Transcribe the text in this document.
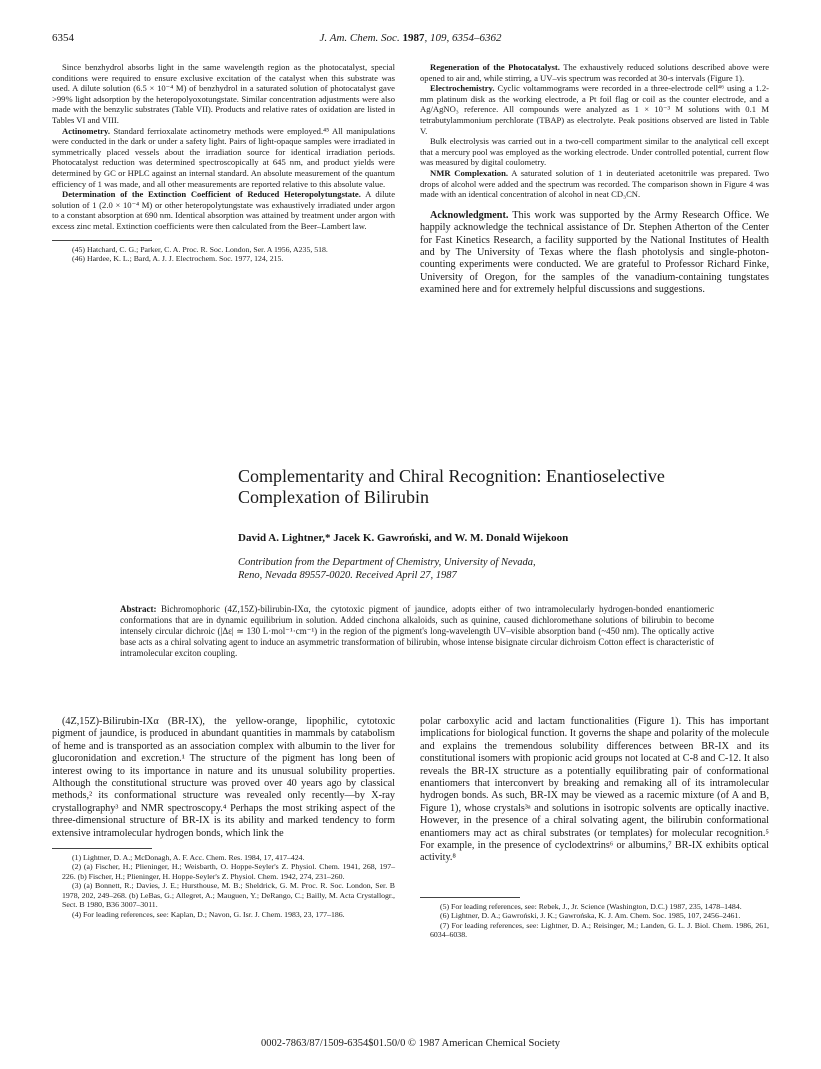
6354	J. Am. Chem. Soc. 1987, 109, 6354–6362

Since benzhydrol absorbs light in the same wavelength region as the photocatalyst, special conditions were required to ensure exclusive excitation of the catalyst when this substrate was used. A dilute solution (6.5 × 10⁻⁴ M) of benzhydrol in a saturated solution of photocatalyst gave >99% light adsorption by the heteropolyoxotungstate. Similar concentration adjustments were also made with the benzylic substrates (Table VII). Products and relative rates of oxidation are listed in Tables VI and VIII.

Actinometry. Standard ferrioxalate actinometry methods were employed.⁴⁵ All manipulations were conducted in the dark or under a safety light. Pairs of light-opaque samples were irradiated in symmetrically placed vessels about the irradiation source for identical irradiation periods. Photocatalyst reduction was determined spectroscopically at 645 nm, and product yields were determined by GC or HPLC against an internal standard. An absolute measurement of the quantum efficiency of 1 was made, and all other measurements are reported relative to this absolute value.

Determination of the Extinction Coefficient of Reduced Heteropolytungstate. A dilute solution of 1 (2.0 × 10⁻⁴ M) or other heteropolytungstate was exhaustively irradiated under argon to a constant absorption at 690 nm. Identical absorption was attained by treatment under argon with excess zinc metal. Extinction coefficients were then calculated from the Beer–Lambert law.

(45) Hatchard, C. G.; Parker, C. A. Proc. R. Soc. London, Ser. A 1956, A235, 518.

(46) Hardee, K. L.; Bard, A. J. J. Electrochem. Soc. 1977, 124, 215.

Regeneration of the Photocatalyst. The exhaustively reduced solutions described above were opened to air and, while stirring, a UV–vis spectrum was recorded at 30-s intervals (Figure 1).

Electrochemistry. Cyclic voltammograms were recorded in a three-electrode cell⁴⁶ using a 1.2-mm platinum disk as the working electrode, a Pt foil flag or coil as the counter electrode, and a Ag/AgNO₃ reference. All compounds were analyzed as 1 × 10⁻³ M solutions with 0.1 M tetrabutylammonium perchlorate (TBAP) as electrolyte. Peak positions observed are listed in Table V.

Bulk electrolysis was carried out in a two-cell compartment similar to the analytical cell except that a mercury pool was employed as the working electrode. Under controlled potential, current flow was measured by digital coulometry.

NMR Complexation. A saturated solution of 1 in deuteriated acetonitrile was prepared. Two drops of alcohol were added and the spectrum was recorded. The comparison shown in Figure 4 was made with an identical concentration of alcohol in neat CD₃CN.

Acknowledgment. This work was supported by the Army Research Office. We happily acknowledge the technical assistance of Dr. Stephen Atherton of the Center for Fast Kinetics Research, a facility supported by the National Institutes of Health and by The University of Texas where the flash photolysis and single-photon-counting experiments were conducted. We are grateful to Professor Richard Finke, University of Oregon, for the samples of the vanadium-containing tungstates examined here and for extremely helpful discussions and suggestions.

Complementarity and Chiral Recognition: Enantioselective Complexation of Bilirubin
David A. Lightner,* Jacek K. Gawroński, and W. M. Donald Wijekoon
Contribution from the Department of Chemistry, University of Nevada,
Reno, Nevada 89557-0020. Received April 27, 1987
Abstract: Bichromophoric (4Z,15Z)-bilirubin-IXα, the cytotoxic pigment of jaundice, adopts either of two intramolecularly hydrogen-bonded enantiomeric conformations that are in dynamic equilibrium in solution. Added cinchona alkaloids, such as quinine, caused dichloromethane solutions of bilirubin to become intensely circular dichroic (|Δε| ≃ 130 L·mol⁻¹·cm⁻¹) in the region of the pigment's long-wavelength UV–visible absorption band (~450 nm). The optically active base acts as a chiral solvating agent to induce an asymmetric transformation of bilirubin, whose intense bisignate circular dichroism Cotton effect is characteristic of intramolecular exciton coupling.

(4Z,15Z)-Bilirubin-IXα (BR-IX), the yellow-orange, lipophilic, cytotoxic pigment of jaundice, is produced in abundant quantities in mammals by catabolism of heme and is transported as an association complex with albumin to the liver for glucoronidation and excretion.¹ The structure of the pigment has long been of interest owing to its importance in nature and its unusual solubility properties. Although the constitutional structure was proved over 40 years ago by classical methods,² its conformational structure was revealed only recently—by X-ray crystallography³ and NMR spectroscopy.⁴ Perhaps the most striking aspect of the three-dimensional structure of BR-IX is its ability and marked tendency to form extensive intramolecular hydrogen bonds, which link the

(1) Lightner, D. A.; McDonagh, A. F. Acc. Chem. Res. 1984, 17, 417–424.

(2) (a) Fischer, H.; Plieninger, H.; Weisbarth, O. Hoppe-Seyler's Z. Physiol. Chem. 1941, 268, 197–226. (b) Fischer, H.; Plieninger, H. Hoppe-Seyler's Z. Physiol. Chem. 1942, 274, 231–260.

(3) (a) Bonnett, R.; Davies, J. E.; Hursthouse, M. B.; Sheldrick, G. M. Proc. R. Soc. London, Ser. B 1978, 202, 249–268. (b) LeBas, G.; Allegret, A.; Mauguen, Y.; DeRango, C.; Bailly, M. Acta Crystallogr., Sect. B 1980, B36 3007–3011.

(4) For leading references, see: Kaplan, D.; Navon, G. Isr. J. Chem. 1983, 23, 177–186.

polar carboxylic acid and lactam functionalities (Figure 1). This has important implications for biological function. It governs the shape and polarity of the molecule and explains the tremendous solubility differences between BR-IX and its constitutional isomers with propionic acid groups not located at C-8 and C-12. It also reveals the BR-IX structure as a potentially equilibrating pair of conformational enantiomers that interconvert by breaking and remaking all of its intramolecular hydrogen bonds. As such, BR-IX may be viewed as a racemic mixture (of A and B, Figure 1), whose crystals³ᵃ and solutions in isotropic solvents are optically inactive. However, in the presence of a chiral solvating agent, the bilirubin conformational enantiomers may act as chiral substrates (or templates) for molecular recognition.⁵ For example, in the presence of cyclodextrins⁶ or albumins,⁷ BR-IX exhibits optical activity.⁸

(5) For leading references, see: Rebek, J., Jr. Science (Washington, D.C.) 1987, 235, 1478–1484.

(6) Lightner, D. A.; Gawroński, J. K.; Gawrońska, K. J. Am. Chem. Soc. 1985, 107, 2456–2461.

(7) For leading references, see: Lightner, D. A.; Reisinger, M.; Landen, G. L. J. Biol. Chem. 1986, 261, 6034–6038.

0002-7863/87/1509-6354$01.50/0 © 1987 American Chemical Society
